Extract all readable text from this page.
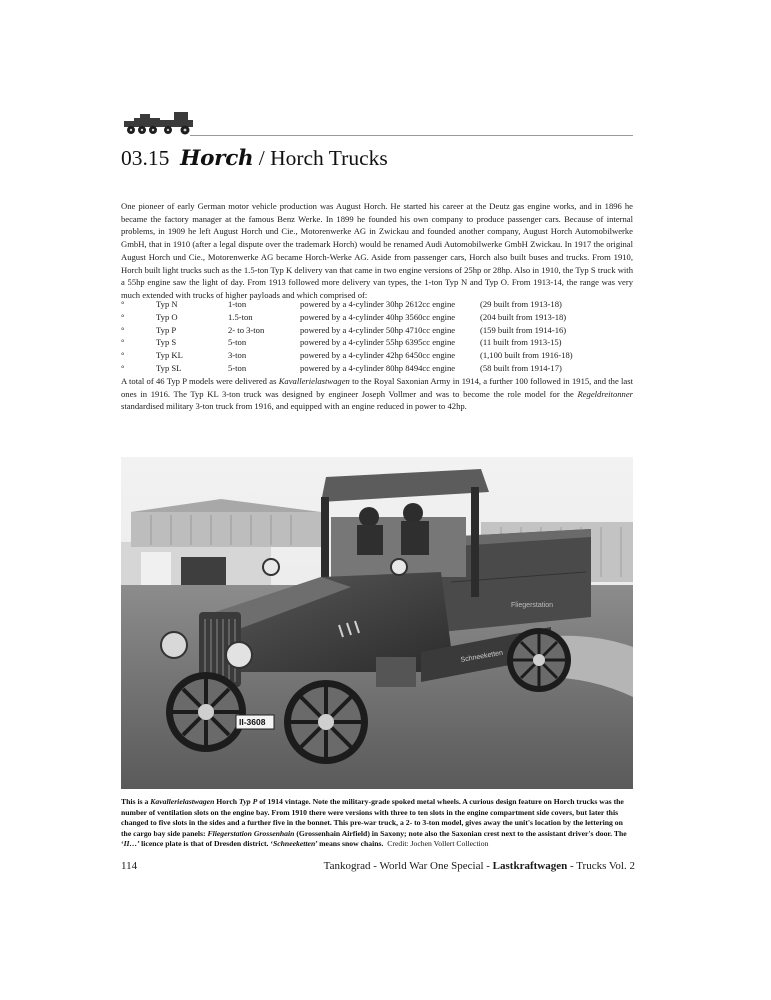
03.15 Horch / Horch Trucks

One pioneer of early German motor vehicle production was August Horch. He started his career at the Deutz gas engine works, and in 1896 he became the factory manager at the famous Benz Werke. In 1899 he founded his own company to produce passenger cars. Because of internal problems, in 1909 he left August Horch und Cie., Motorenwerke AG in Zwickau and founded another company, August Horch Automobilwerke GmbH, that in 1910 (after a legal dispute over the trademark Horch) would be renamed Audi Automobilwerke GmbH Zwickau. In 1917 the original August Horch und Cie., Motorenwerke AG became Horch-Werke AG. Aside from passenger cars, Horch also built buses and trucks. From 1910, Horch built light trucks such as the 1.5-ton Typ K delivery van that came in two engine versions of 25hp or 28hp. Also in 1910, the Typ S truck with a 55hp engine saw the light of day. From 1913 followed more delivery van types, the 1-ton Typ N and Typ O. From 1913-14, the range was very much extended with trucks of higher payloads and which comprised of:

°	Typ N	1-ton	powered by a 4-cylinder 30hp 2612cc engine	(29 built from 1913-18)
°	Typ O	1.5-ton	powered by a 4-cylinder 40hp 3560cc engine	(204 built from 1913-18)
°	Typ P	2- to 3-ton	powered by a 4-cylinder 50hp 4710cc engine	(159 built from 1914-16)
°	Typ S	5-ton	powered by a 4-cylinder 55hp 6395cc engine	(11 built from 1913-15)
°	Typ KL	3-ton	powered by a 4-cylinder 42hp 6450cc engine	(1,100 built from 1916-18)
°	Typ SL	5-ton	powered by a 4-cylinder 80hp 8494cc engine	(58 built from 1914-17)

A total of 46 Typ P models were delivered as Kavallerielastwagen to the Royal Saxonian Army in 1914, a further 100 followed in 1915, and the last ones in 1916. The Typ KL 3-ton truck was designed by engineer Joseph Vollmer and was to become the role model for the Regeldreitonner standardised military 3-ton truck from 1916, and equipped with an engine reduced in power to 42hp.

Fliegerstation
Schneeketten
II-3608

This is a Kavallerielastwagen Horch Typ P of 1914 vintage. Note the military-grade spoked metal wheels. A curious design feature on Horch trucks was the number of ventilation slots on the engine bay. From 1910 there were versions with three to ten slots in the engine compartment side covers, but later this changed to five slots in the sides and a further five in the bonnet. This pre-war truck, a 2- to 3-ton model, gives away the unit's location by the lettering on the cargo bay side panels: Fliegerstation Grossenhain (Grossenhain Airfield) in Saxony; note also the Saxonian crest next to the assistant driver's door. The ‘II…’ licence plate is that of Dresden district. ‘Schneeketten’ means snow chains. Credit: Jochen Vollert Collection

114	Tankograd - World War One Special - Lastkraftwagen - Trucks Vol. 2
